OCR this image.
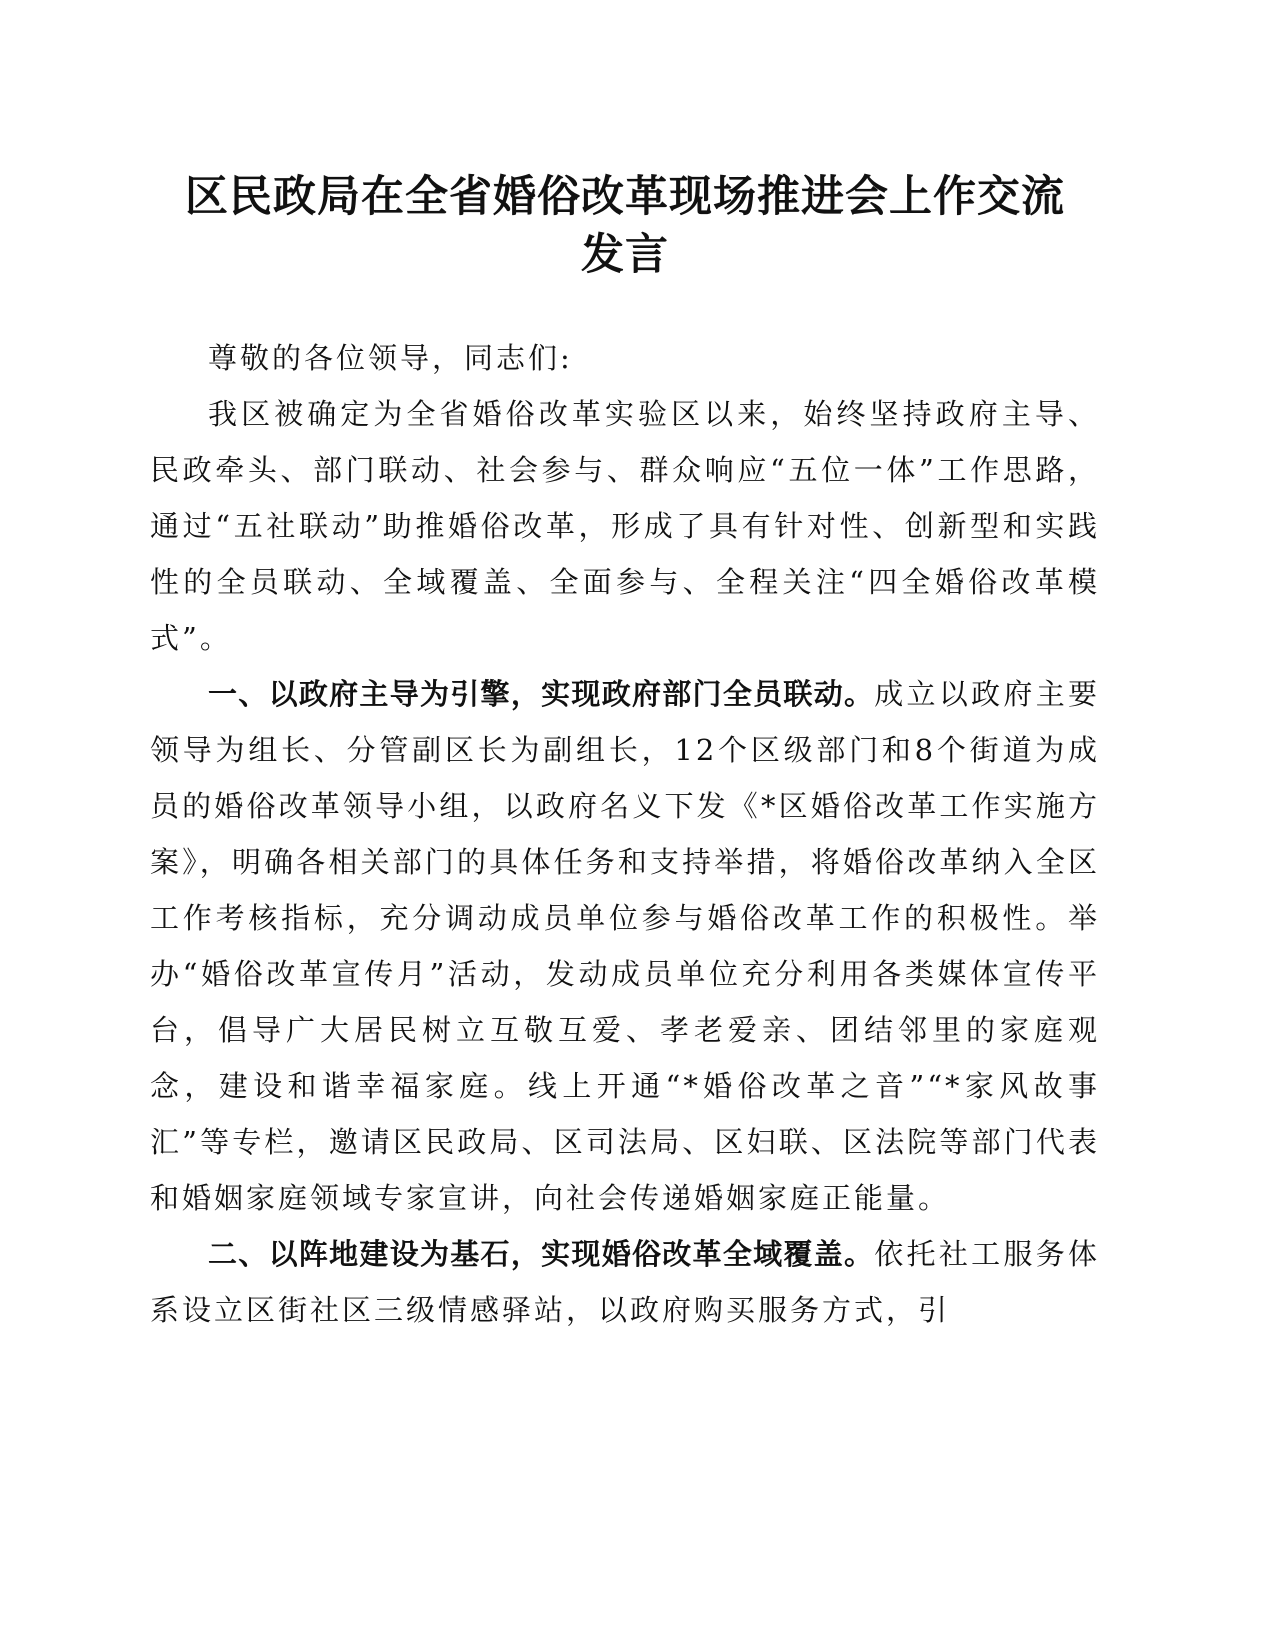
区民政局在全省婚俗改革现场推进会上作交流
发言

尊敬的各位领导，同志们:

我区被确定为全省婚俗改革实验区以来，始终坚持政府主导、民政牵头、部门联动、社会参与、群众响应“五位一体”工作思路，通过“五社联动”助推婚俗改革，形成了具有针对性、创新型和实践性的全员联动、全域覆盖、全面参与、全程关注“四全婚俗改革模式”。

一、以政府主导为引擎，实现政府部门全员联动。成立以政府主要领导为组长、分管副区长为副组长，12个区级部门和8个街道为成员的婚俗改革领导小组，以政府名义下发《*区婚俗改革工作实施方案》，明确各相关部门的具体任务和支持举措，将婚俗改革纳入全区工作考核指标，充分调动成员单位参与婚俗改革工作的积极性。举办“婚俗改革宣传月”活动，发动成员单位充分利用各类媒体宣传平台，倡导广大居民树立互敬互爱、孝老爱亲、团结邻里的家庭观念，建设和谐幸福家庭。线上开通“*婚俗改革之音”“*家风故事汇”等专栏，邀请区民政局、区司法局、区妇联、区法院等部门代表和婚姻家庭领域专家宣讲，向社会传递婚姻家庭正能量。

二、以阵地建设为基石，实现婚俗改革全域覆盖。依托社工服务体系设立区街社区三级情感驿站，以政府购买服务方式，引
